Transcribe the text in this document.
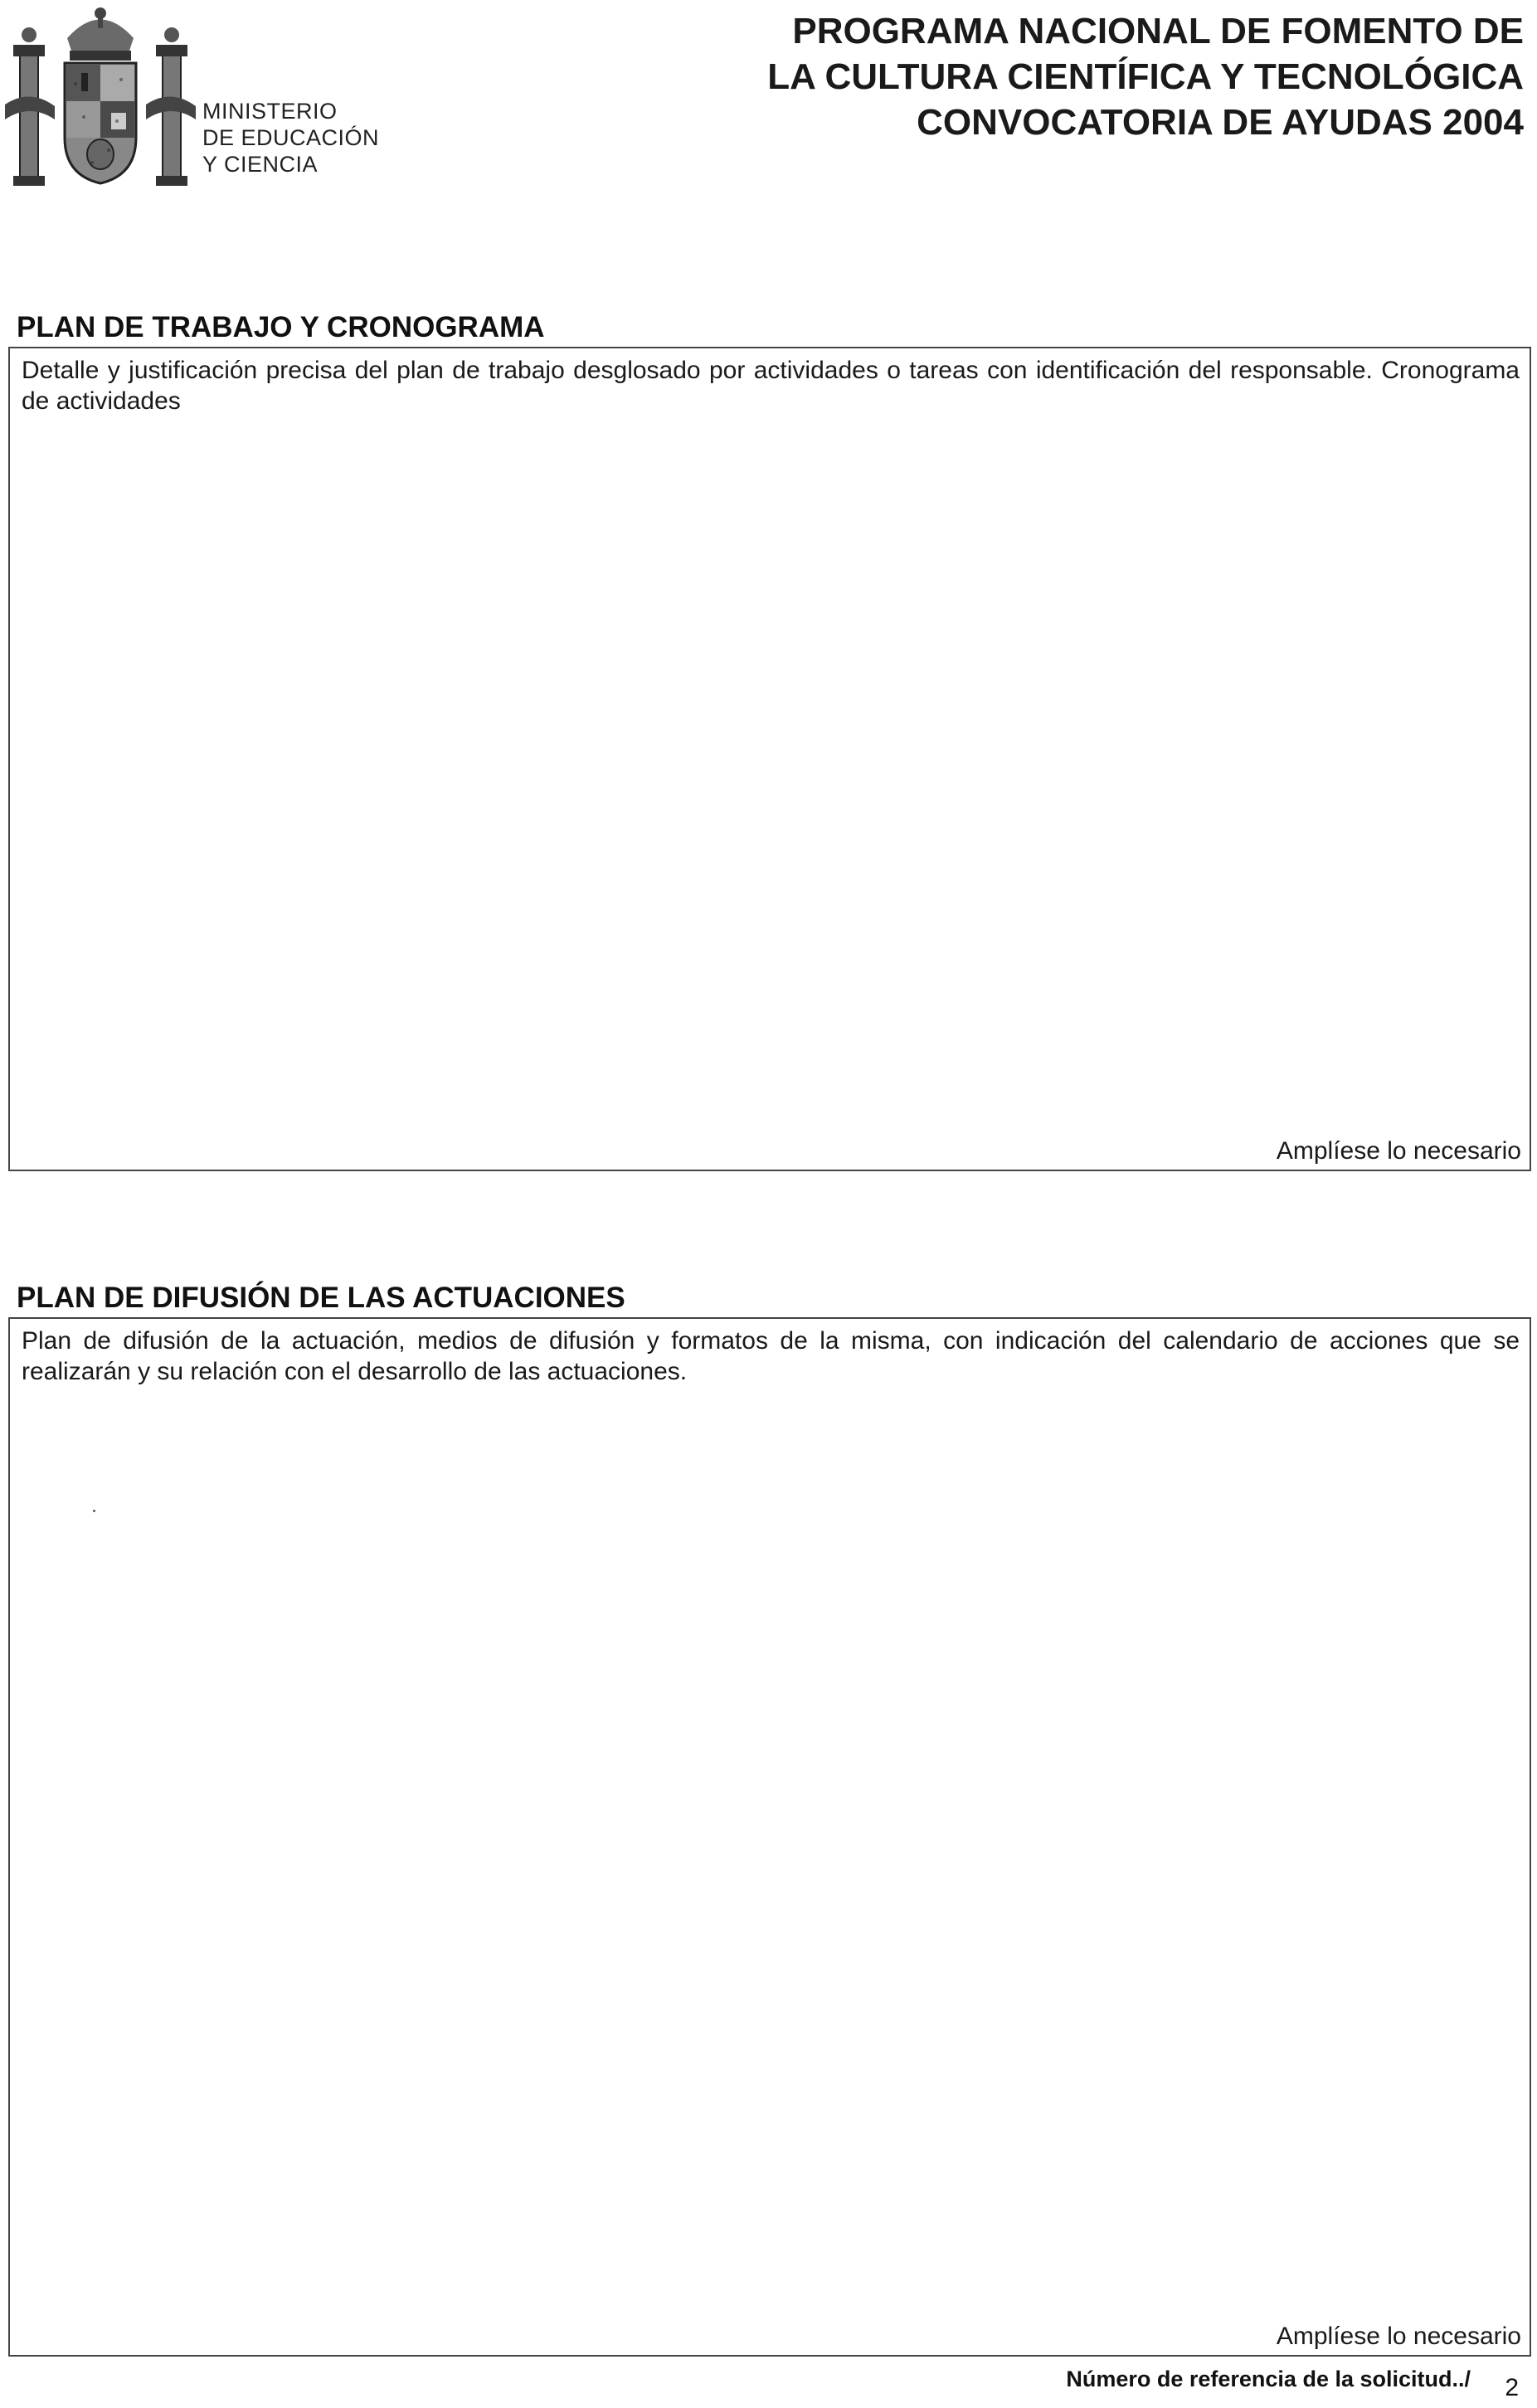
MINISTERIO
DE EDUCACIÓN
Y CIENCIA
PROGRAMA NACIONAL DE FOMENTO DE
LA CULTURA CIENTÍFICA Y TECNOLÓGICA
CONVOCATORIA DE AYUDAS 2004
PLAN DE TRABAJO Y CRONOGRAMA
Detalle y justificación precisa del plan de trabajo desglosado por actividades o tareas con identificación del responsable. Cronograma de actividades
Amplíese lo necesario
PLAN DE DIFUSIÓN DE LAS ACTUACIONES
Plan de difusión de la actuación, medios de difusión y formatos de la misma, con indicación del calendario de acciones que se realizarán y su relación con el desarrollo de las actuaciones.
Amplíese lo necesario
Número de referencia de la solicitud../ 2
